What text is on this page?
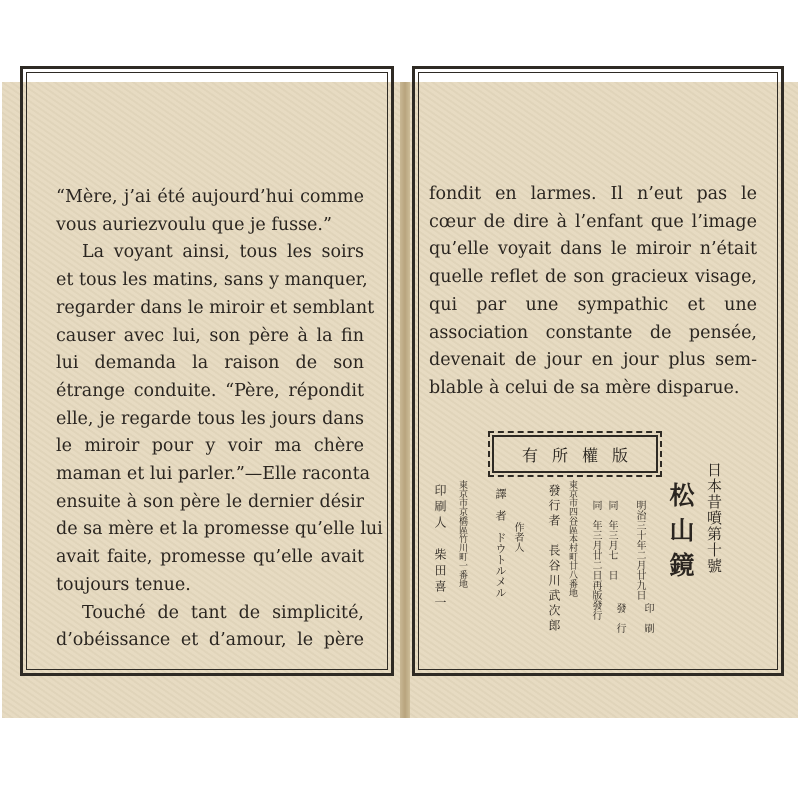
“Mère, j’ai été aujourd’hui comme
vous auriezvoulu que je fusse.”
La voyant ainsi, tous les soirs
et tous les matins, sans y manquer,
regarder dans le miroir et semblant
causer avec lui, son père à la fin
lui demanda la raison de son
étrange conduite. “Père, répondit
elle, je regarde tous les jours dans
le miroir pour y voir ma chère
maman et lui parler.”—Elle raconta
ensuite à son père le dernier désir
de sa mère et la promesse qu’elle lui
avait faite, promesse qu’elle avait
toujours tenue.
Touché de tant de simplicité,
d’obéissance et d’amour, le père
fondit en larmes. Il n’eut pas le
cœur de dire à l’enfant que l’image
qu’elle voyait dans le miroir n’était
quelle reflet de son gracieux visage,
qui par une sympathic et une
association constante de pensée,
devenait de jour en jour plus sem-
blable à celui de sa mère disparue.
有所權版
日本昔噴第十號
松山鏡
明治三十年二月廿九日
印　刷
同　年三月七　日
發　行
同　年三月廿二日再版發行
東京市四谷區本村町廿八番地
發行者　長谷川武次郎
作者人
譯　者　ドウトルメル
東京市京橋區竹川町一番地
印刷人　柴田喜一
